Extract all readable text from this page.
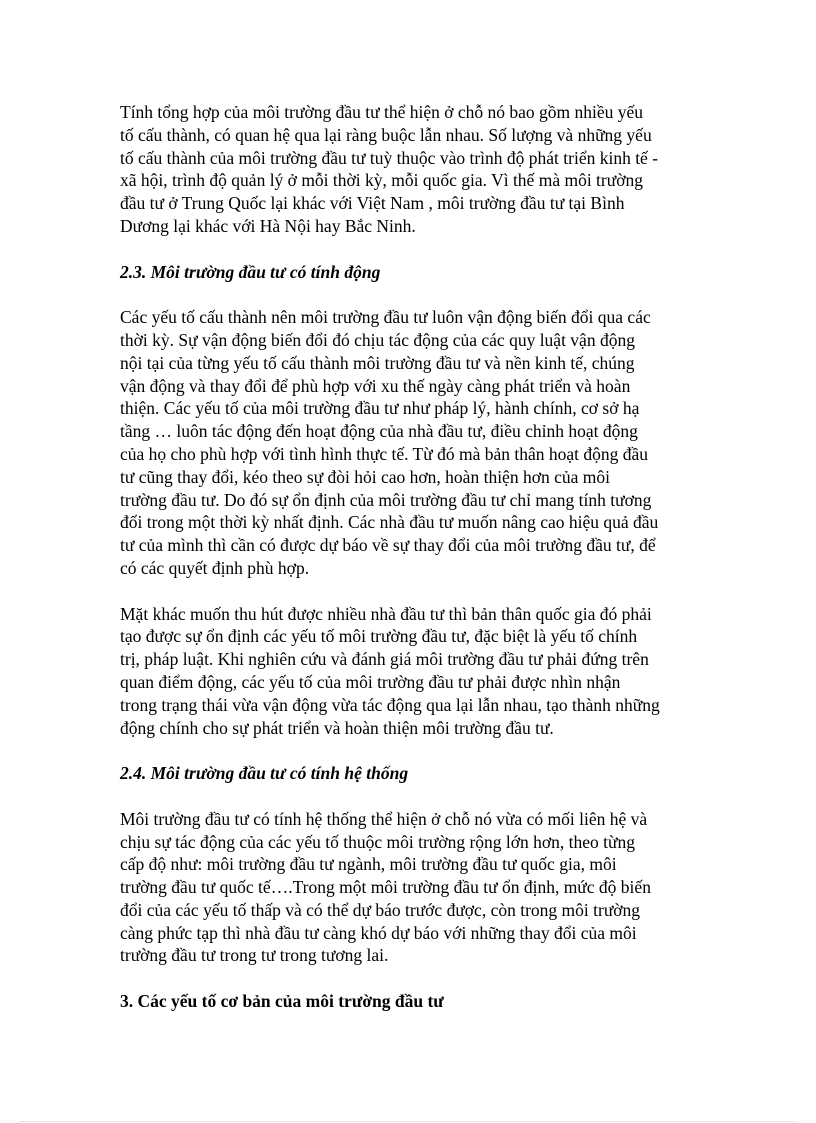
Tính tổng hợp của môi trường đầu tư thể hiện ở chỗ nó bao gồm nhiều yếu
tố cấu thành, có quan hệ qua lại ràng buộc lẫn nhau. Số lượng và những yếu
tố cấu thành của môi trường đầu tư tuỳ thuộc vào trình độ phát triển kinh tế -
xã hội, trình độ quản lý ở mỗi thời kỳ, mỗi quốc gia. Vì thế mà môi trường
đầu tư ở Trung Quốc lại khác với Việt Nam , môi trường đầu tư tại Bình
Dương lại khác với Hà Nội hay Bắc Ninh.
2.3. Môi trường đầu tư có tính động
Các yếu tố cấu thành nên môi trường đầu tư luôn vận động biến đổi qua các
thời kỳ. Sự vận động biến đổi đó chịu tác động của các quy luật vận động
nội tại của từng yếu tố cấu thành môi trường đầu tư và nền kinh tế, chúng
vận động và thay đổi để phù hợp với xu thế ngày càng phát triển và hoàn
thiện. Các yếu tố của môi trường đầu tư như pháp lý, hành chính, cơ sở hạ
tầng … luôn tác động đến hoạt động của nhà đầu tư, điều chỉnh hoạt động
của họ cho phù hợp với tình hình thực tế. Từ đó mà bản thân hoạt động đầu
tư cũng thay đổi, kéo theo sự đòi hỏi cao hơn, hoàn thiện hơn của môi
trường đầu tư. Do đó sự ổn định của môi trường đầu tư chỉ mang tính tương
đối trong một thời kỳ nhất định. Các nhà đầu tư muốn nâng cao hiệu quả đầu
tư của mình thì cần có được dự báo về sự thay đổi của môi trường đầu tư, để
có các quyết định phù hợp.
Mặt khác muốn thu hút được nhiều nhà đầu tư thì bản thân quốc gia đó phải
tạo được sự ổn định các yếu tố môi trường đầu tư, đặc biệt là yếu tố chính
trị, pháp luật. Khi nghiên cứu và đánh giá môi trường đầu tư phải đứng trên
quan điểm động, các yếu tố của môi trường đầu tư phải được nhìn nhận
trong trạng thái vừa vận động vừa tác động qua lại lẫn nhau, tạo thành những
động chính cho sự phát triển và hoàn thiện môi trường đầu tư.
2.4. Môi trường đầu tư có tính hệ thống
Môi trường đầu tư có tính hệ thống thể hiện ở chỗ nó vừa có mối liên hệ và
chịu sự tác động của các yếu tố thuộc môi trường rộng lớn hơn, theo từng
cấp độ như: môi trường đầu tư ngành, môi trường đầu tư quốc gia, môi
trường đầu tư quốc tế….Trong một môi trường đầu tư ổn định, mức độ biến
đổi của các yếu tố thấp và có thể dự báo trước được, còn trong môi trường
càng phức tạp thì nhà đầu tư càng khó dự báo với những thay đổi của môi
trường đầu tư trong tư trong tương lai.
3. Các yếu tố cơ bản của môi trường đầu tư
